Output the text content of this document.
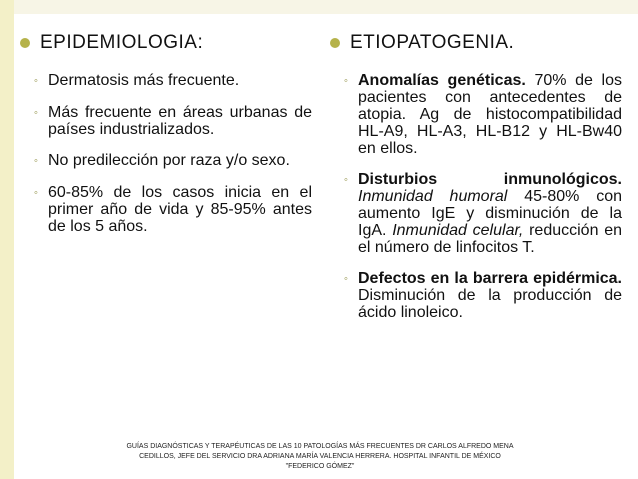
EPIDEMIOLOGIA:
◦ Dermatosis más frecuente.
◦ Más frecuente en áreas urbanas de países industrializados.
◦ No predilección por raza y/o sexo.
◦ 60-85% de los casos inicia en el primer año de vida y 85-95% antes de los 5 años.
ETIOPATOGENIA.
◦ Anomalías genéticas. 70% de los pacientes con antecedentes de atopia. Ag de histocompatibilidad HL-A9, HL-A3, HL-B12 y HL-Bw40 en ellos.
◦ Disturbios inmunológicos. Inmunidad humoral 45-80% con aumento IgE y disminución de la IgA. Inmunidad celular, reducción en el número de linfocitos T.
◦ Defectos en la barrera epidérmica. Disminución de la producción de ácido linoleico.
GUÍAS DIAGNÓSTICAS Y TERAPÉUTICAS DE LAS 10 PATOLOGÍAS MÁS FRECUENTES DR CARLOS ALFREDO MENA
CEDILLOS, JEFE DEL SERVICIO DRA ADRIANA MARÍA VALENCIA HERRERA. HOSPITAL INFANTIL DE MÉXICO
"FEDERICO GÓMEZ"
